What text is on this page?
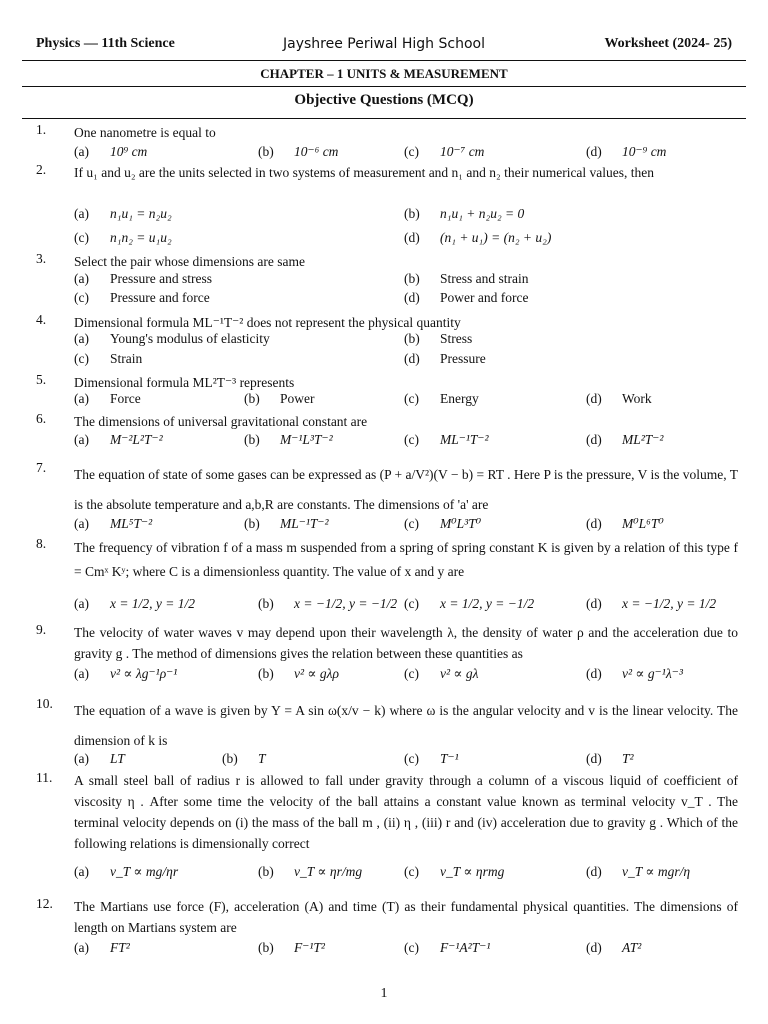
Physics — 11th Science	Jayshree Periwal High School	Worksheet (2024- 25)
CHAPTER – 1 UNITS & MEASUREMENT
Objective Questions (MCQ)
1. One nanometre is equal to
(a) 10⁹ cm	(b) 10⁻⁶ cm	(c) 10⁻⁷ cm	(d) 10⁻⁹ cm
2. If u₁ and u₂ are the units selected in two systems of measurement and n₁ and n₂ their numerical values, then
(a) n₁u₁ = n₂u₂	(b) n₁u₁ + n₂u₂ = 0
(c) n₁n₂ = u₁u₂	(d) (n₁ + u₁) = (n₂ + u₂)
3. Select the pair whose dimensions are same
(a) Pressure and stress	(b) Stress and strain
(c) Pressure and force	(d) Power and force
4. Dimensional formula ML⁻¹T⁻² does not represent the physical quantity
(a) Young's modulus of elasticity	(b) Stress
(c) Strain	(d) Pressure
5. Dimensional formula ML²T⁻³ represents
(a) Force	(b) Power	(c) Energy	(d) Work
6. The dimensions of universal gravitational constant are
(a) M⁻²L²T⁻²	(b) M⁻¹L³T⁻²	(c) ML⁻¹T⁻²	(d) ML²T⁻²
7. The equation of state of some gases can be expressed as (P + a/V²)(V − b) = RT . Here P is the pressure, V is the volume, T is the absolute temperature and a,b,R are constants. The dimensions of 'a' are
(a) ML⁵T⁻²	(b) ML⁻¹T⁻²	(c) M⁰L³T⁰	(d) M⁰L⁶T⁰
8. The frequency of vibration f of a mass m suspended from a spring of spring constant K is given by a relation of this type f = Cmˣ Kʸ; where C is a dimensionless quantity. The value of x and y are
(a) x = 1/2, y = 1/2	(b) x = −1/2, y = −1/2 (c) x = 1/2, y = −1/2	(d) x = −1/2, y = 1/2
9. The velocity of water waves v may depend upon their wavelength λ, the density of water ρ and the acceleration due to gravity g . The method of dimensions gives the relation between these quantities as
(a) v² ∝ λg⁻¹ρ⁻¹	(b) v² ∝ gλρ	(c) v² ∝ gλ	(d) v² ∝ g⁻¹λ⁻³
10. The equation of a wave is given by Y = A sin ω(x/v − k) where ω is the angular velocity and v is the linear velocity. The dimension of k is
(a) LT	(b) T	(c) T⁻¹	(d) T²
11. A small steel ball of radius r is allowed to fall under gravity through a column of a viscous liquid of coefficient of viscosity η . After some time the velocity of the ball attains a constant value known as terminal velocity v_T . The terminal velocity depends on (i) the mass of the ball m , (ii) η , (iii) r and (iv) acceleration due to gravity g . Which of the following relations is dimensionally correct
(a) v_T ∝ mg/ηr	(b) v_T ∝ ηr/mg	(c) v_T ∝ ηrmg	(d) v_T ∝ mgr/η
12. The Martians use force (F), acceleration (A) and time (T) as their fundamental physical quantities. The dimensions of length on Martians system are
(a) FT²	(b) F⁻¹T²	(c) F⁻¹A²T⁻¹	(d) AT²
1
